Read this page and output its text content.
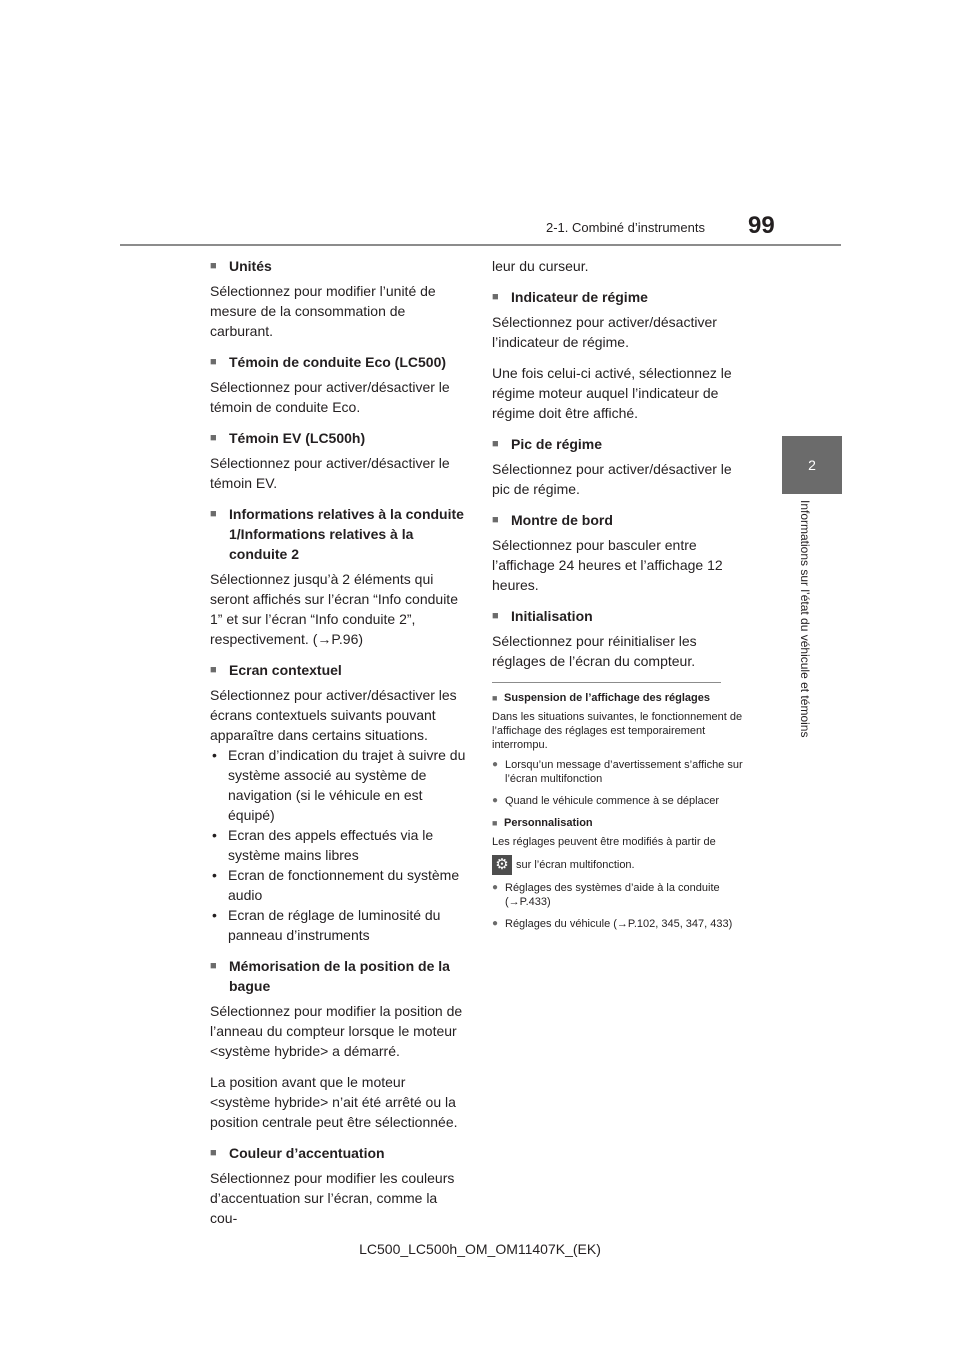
2-1. Combiné d’instruments 99
2
Informations sur l’état du véhicule et témoins
■ Unités

Sélectionnez pour modifier l’unité de mesure de la consommation de carburant.

■ Témoin de conduite Eco (LC500)

Sélectionnez pour activer/désactiver le témoin de conduite Eco.

■ Témoin EV (LC500h)

Sélectionnez pour activer/désactiver le témoin EV.

■ Informations relatives à la conduite 1/Informations relatives à la conduite 2

Sélectionnez jusqu’à 2 éléments qui seront affichés sur l’écran “Info conduite 1” et sur l’écran “Info conduite 2”, respectivement. (→P.96)

■ Ecran contextuel

Sélectionnez pour activer/désactiver les écrans contextuels suivants pouvant apparaître dans certains situations.

• Ecran d’indication du trajet à suivre du système associé au système de navigation (si le véhicule en est équipé)
• Ecran des appels effectués via le système mains libres
• Ecran de fonctionnement du système audio
• Ecran de réglage de luminosité du panneau d’instruments
■ Mémorisation de la position de la bague

Sélectionnez pour modifier la position de l’anneau du compteur lorsque le moteur <système hybride> a démarré.

La position avant que le moteur <système hybride> n’ait été arrêté ou la position centrale peut être sélectionnée.

■ Couleur d’accentuation

Sélectionnez pour modifier les couleurs d’accentuation sur l’écran, comme la cou-

leur du curseur.

■ Indicateur de régime

Sélectionnez pour activer/désactiver l’indicateur de régime.

Une fois celui-ci activé, sélectionnez le régime moteur auquel l’indicateur de régime doit être affiché.

■ Pic de régime

Sélectionnez pour activer/désactiver le pic de régime.

■ Montre de bord

Sélectionnez pour basculer entre l’affichage 24 heures et l’affichage 12 heures.

■ Initialisation

Sélectionnez pour réinitialiser les réglages de l’écran du compteur.

■ Suspension de l’affichage des réglages

Dans les situations suivantes, le fonctionnement de l’affichage des réglages est temporairement interrompu.

● Lorsqu’un message d’avertissement s’affiche sur l’écran multifonction
● Quand le véhicule commence à se déplacer
■ Personnalisation

Les réglages peuvent être modifiés à partir de

⚙ sur l’écran multifonction.

● Réglages des systèmes d’aide à la conduite (→P.433)
● Réglages du véhicule (→P.102, 345, 347, 433)
LC500_LC500h_OM_OM11407K_(EK)
